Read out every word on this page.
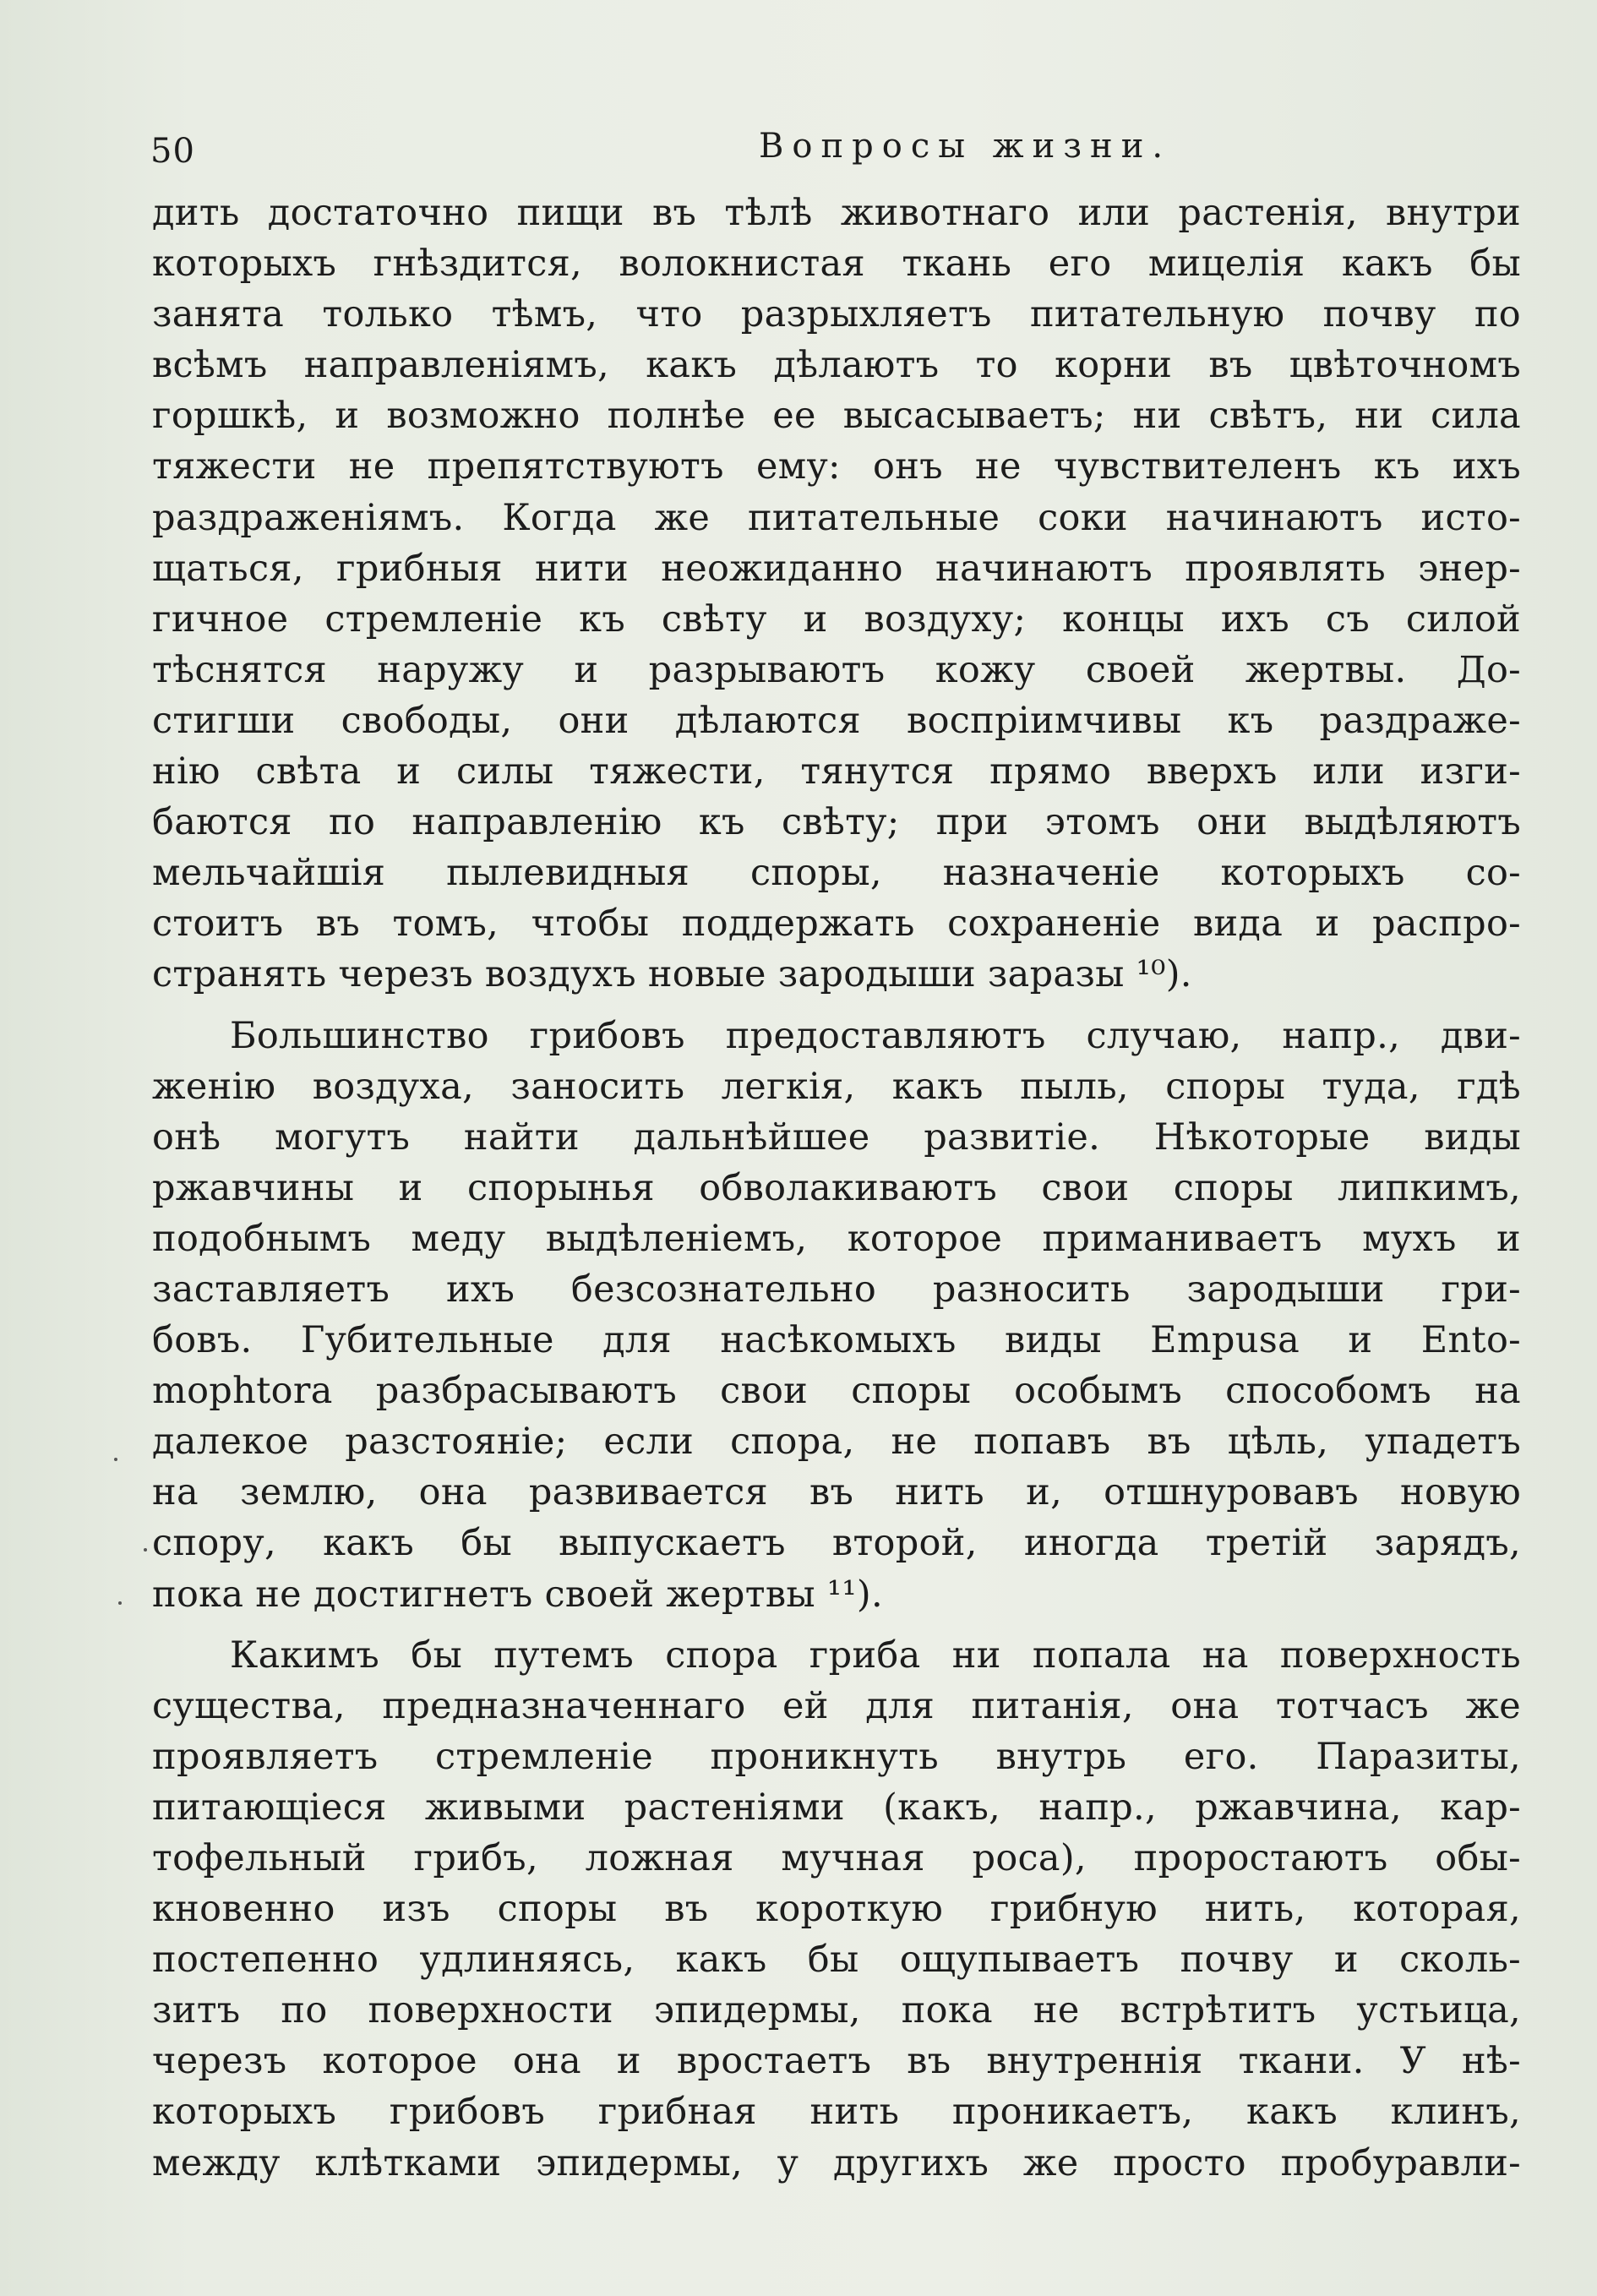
50	Вопросы жизни.
дить достаточно пищи въ тѣлѣ животнаго или растенія, внутри
которыхъ гнѣздится, волокнистая ткань его мицелія какъ бы
занята только тѣмъ, что разрыхляетъ питательную почву по
всѣмъ направленіямъ, какъ дѣлаютъ то корни въ цвѣточномъ
горшкѣ, и возможно полнѣе ее высасываетъ; ни свѣтъ, ни сила
тяжести не препятствуютъ ему: онъ не чувствителенъ къ ихъ
раздраженіямъ. Когда же питательные соки начинаютъ исто-
щаться, грибныя нити неожиданно начинаютъ проявлять энер-
гичное стремленіе къ свѣту и воздуху; концы ихъ съ силой
тѣснятся наружу и разрываютъ кожу своей жертвы. До-
стигши свободы, они дѣлаются воспріимчивы къ раздраже-
нію свѣта и силы тяжести, тянутся прямо вверхъ или изги-
баются по направленію къ свѣту; при этомъ они выдѣляютъ
мельчайшія пылевидныя споры, назначеніе которыхъ со-
стоитъ въ томъ, чтобы поддержать сохраненіе вида и распро-
странять черезъ воздухъ новые зародыши заразы ¹⁰).
Большинство грибовъ предоставляютъ случаю, напр., дви-
женію воздуха, заносить легкія, какъ пыль, споры туда, гдѣ
онѣ могутъ найти дальнѣйшее развитіе. Нѣкоторые виды
ржавчины и спорынья обволакиваютъ свои споры липкимъ,
подобнымъ меду выдѣленіемъ, которое приманиваетъ мухъ и
заставляетъ ихъ безсознательно разносить зародыши гри-
бовъ. Губительные для насѣкомыхъ виды Empusa и Ento-
mophtora разбрасываютъ свои споры особымъ способомъ на
далекое разстояніе; если спора, не попавъ въ цѣль, упадетъ
на землю, она развивается въ нить и, отшнуровавъ новую
спору, какъ бы выпускаетъ второй, иногда третій зарядъ,
пока не достигнетъ своей жертвы ¹¹).
Какимъ бы путемъ спора гриба ни попала на поверхность
существа, предназначеннаго ей для питанія, она тотчасъ же
проявляетъ стремленіе проникнуть внутрь его. Паразиты,
питающіеся живыми растеніями (какъ, напр., ржавчина, кар-
тофельный грибъ, ложная мучная роса), проростаютъ обы-
кновенно изъ споры въ короткую грибную нить, которая,
постепенно удлиняясь, какъ бы ощупываетъ почву и сколь-
зитъ по поверхности эпидермы, пока не встрѣтитъ устьица,
черезъ которое она и вростаетъ въ внутреннія ткани. У нѣ-
которыхъ грибовъ грибная нить проникаетъ, какъ клинъ,
между клѣтками эпидермы, у другихъ же просто пробуравли-
